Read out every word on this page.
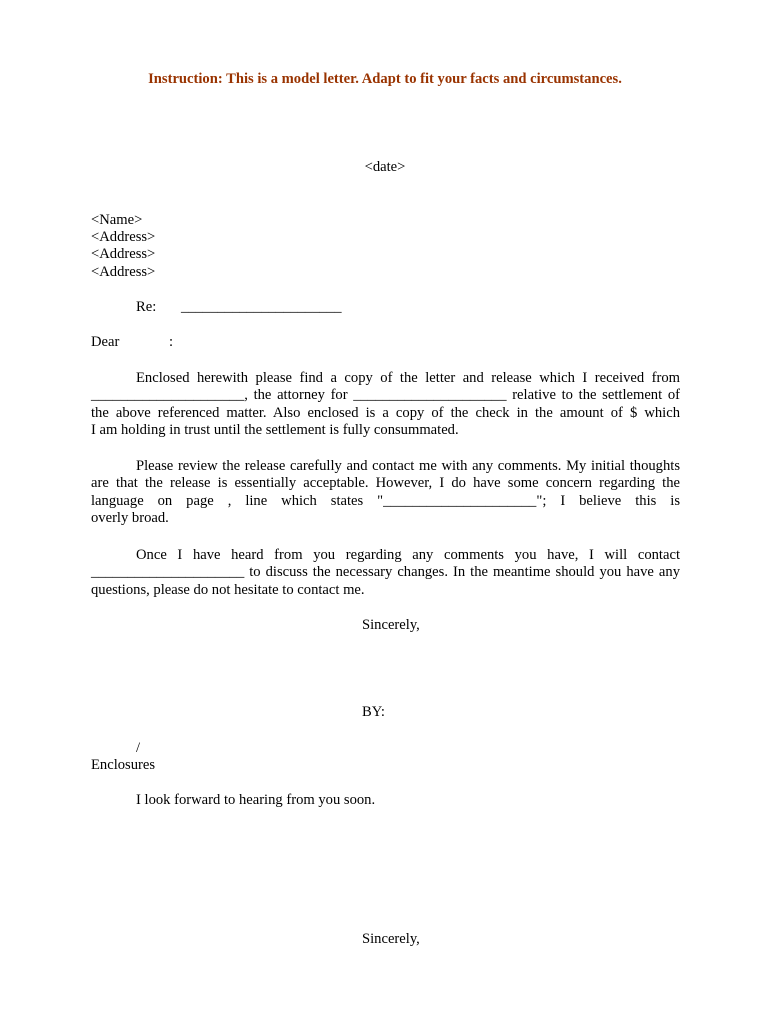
Instruction: This is a model letter. Adapt to fit your facts and circumstances.
<date>
<Name>
<Address>
<Address>
<Address>
Re: ______________________
Dear	:
Enclosed herewith please find a copy of the letter and release which I received from
_____________________, the attorney for _____________________ relative to the settlement of
the above referenced matter. Also enclosed is a copy of the check in the amount of $ which
I am holding in trust until the settlement is fully consummated.
Please review the release carefully and contact me with any comments. My initial thoughts
are that the release is essentially acceptable. However, I do have some concern regarding the
language on page , line which states "_____________________"; I believe this is
overly broad.
Once I have heard from you regarding any comments you have, I will contact
_____________________ to discuss the necessary changes. In the meantime should you have any
questions, please do not hesitate to contact me.
Sincerely,
BY:
/
Enclosures
I look forward to hearing from you soon.
Sincerely,
